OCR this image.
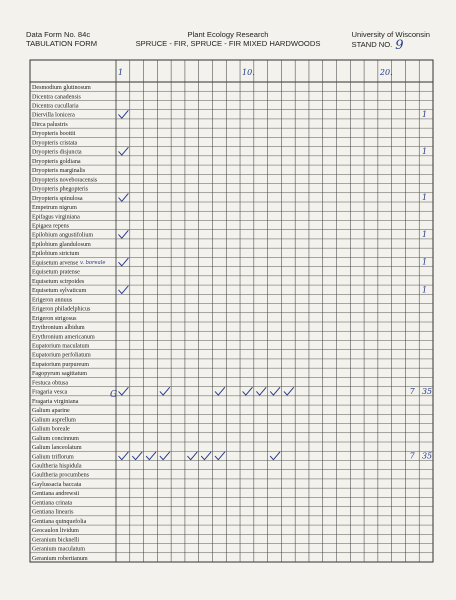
Data Form No. 84c
TABULATION FORM
Plant Ecology Research
SPRUCE - FIR, SPRUCE - FIR MIXED HARDWOODS
University of Wisconsin
STAND NO. 9
1	10.	20.
Desmodium glutinosum
Dicentra canadensis
Dicentra cucullaria
Diervilla lonicera
Dirca palustris
Dryopteris boottii
Dryopteris cristata
Dryopteris disjuncta
Dryopteris goldiana
Dryopteris marginalis
Dryopteris noveboracensis
Dryopteris phegopteris
Dryopteris spinulosa
Empetrum nigrum
Epifagus virginiana
Epigaea repens
Epilobium angustifolium
Epilobium glandulosum
Epilobium strictum
Equisetum arvense
Equisetum pratense
Equisetum scirpoides
Equisetum sylvaticum
Erigeron annuus
Erigeron philadelphicus
Erigeron strigosus
Erythronium albidum
Erythronium americanum
Eupatorium maculatum
Eupatorium perfoliatum
Eupatorium purpureum
Fagopyrum sagittatum
Festuca obtusa
Fragaria vesca
Fragaria virginiana
Galium aparine
Galium asprellum
Galium boreale
Galium concinnum
Galium lanceolatum
Galium triflorum
Gaultheria hispidula
Gaultheria procumbens
Gaylussacia baccata
Gentiana andrewsii
Gentiana crinata
Gentiana linearis
Gentiana quinquefolia
Geocaulon lividum
Geranium bicknelli
Geranium maculatum
Geranium robertianum
v. boreale
1
1
1
1
1
1
7 35
7 35
G
